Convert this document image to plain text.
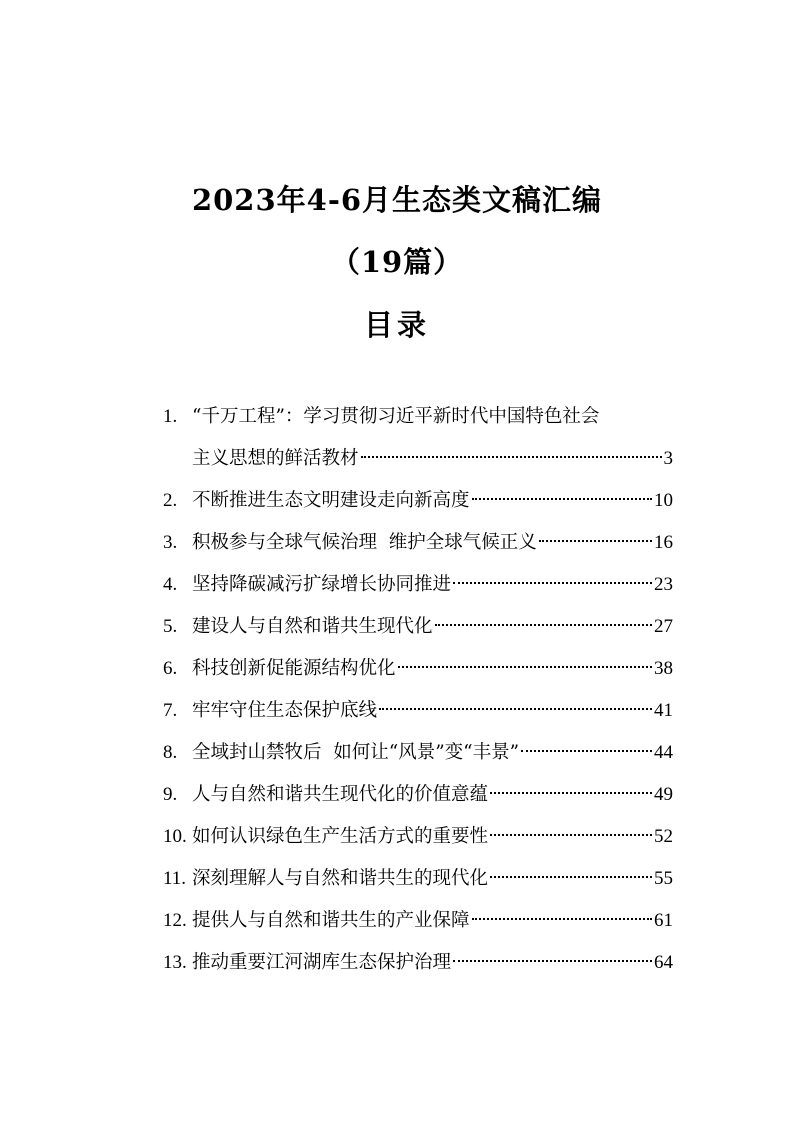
2023年4-6月生态类文稿汇编
（19篇）
目录
1. “千万工程”：学习贯彻习近平新时代中国特色社会
主义思想的鲜活教材	3
2. 不断推进生态文明建设走向新高度	10
3. 积极参与全球气候治理  维护全球气候正义	16
4. 坚持降碳减污扩绿增长协同推进	23
5. 建设人与自然和谐共生现代化	27
6. 科技创新促能源结构优化	38
7. 牢牢守住生态保护底线	41
8. 全域封山禁牧后  如何让“风景”变“丰景”	44
9. 人与自然和谐共生现代化的价值意蕴	49
10. 如何认识绿色生产生活方式的重要性	52
11. 深刻理解人与自然和谐共生的现代化	55
12. 提供人与自然和谐共生的产业保障	61
13. 推动重要江河湖库生态保护治理	64
